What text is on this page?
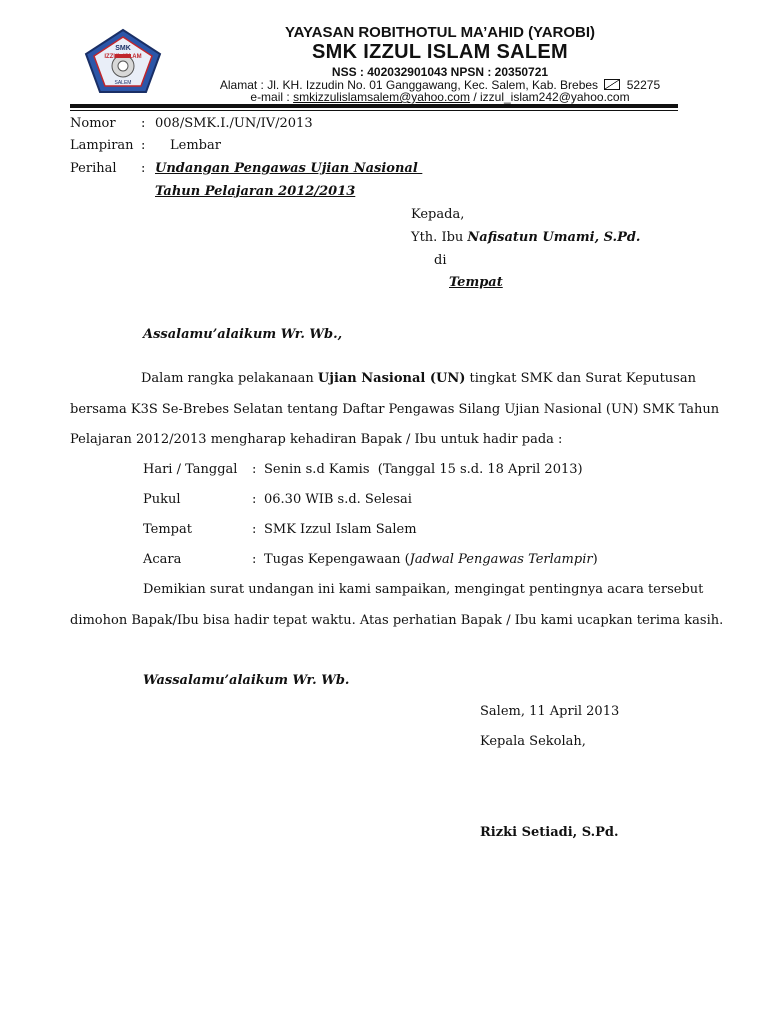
SMK
IZZUL ISLAM
SALEM
YAYASAN ROBITHOTUL MA’AHID (YAROBI)
SMK IZZUL ISLAM SALEM
NSS : 402032901043 NPSN : 20350721
Alamat : Jl. KH. Izzudin No. 01 Ganggawang, Kec. Salem, Kab. Brebes 52275
e-mail : smkizzulislamsalem@yahoo.com / izzul_islam242@yahoo.com
Nomor : 008/SMK.I./UN/IV/2013
Lampiran : Lembar
Perihal : Undangan Pengawas Ujian Nasional
Tahun Pelajaran 2012/2013
Kepada,
Yth. Ibu Nafisatun Umami, S.Pd.
di
Tempat
Assalamu’alaikum Wr. Wb.,
Dalam rangka pelakanaan Ujian Nasional (UN) tingkat SMK dan Surat Keputusan
bersama K3S Se-Brebes Selatan tentang Daftar Pengawas Silang Ujian Nasional (UN) SMK Tahun
Pelajaran 2012/2013 mengharap kehadiran Bapak / Ibu untuk hadir pada :
Hari / Tanggal : Senin s.d Kamis  (Tanggal 15 s.d. 18 April 2013)
Pukul	: 06.30 WIB s.d. Selesai
Tempat	: SMK Izzul Islam Salem
Acara	: Tugas Kepengawaan (Jadwal Pengawas Terlampir)
Demikian surat undangan ini kami sampaikan, mengingat pentingnya acara tersebut
dimohon Bapak/Ibu bisa hadir tepat waktu. Atas perhatian Bapak / Ibu kami ucapkan terima kasih.
Wassalamu’alaikum Wr. Wb.
Salem, 11 April 2013
Kepala Sekolah,
Rizki Setiadi, S.Pd.
